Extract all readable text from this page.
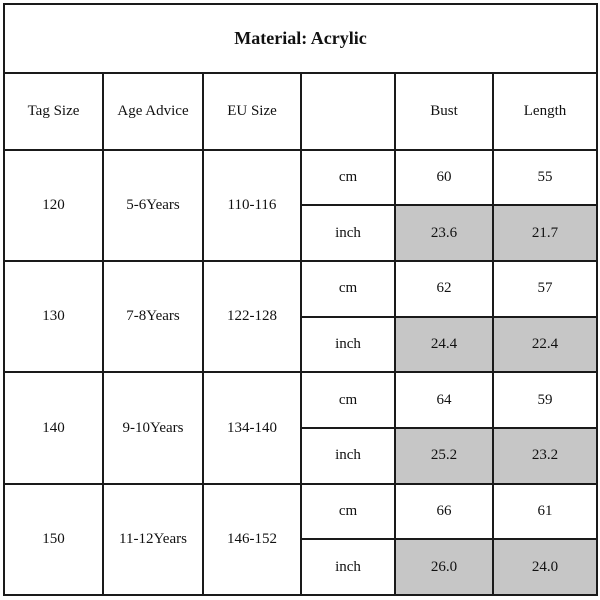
Material: Acrylic					
Tag Size	Age Advice	EU Size		Bust	Length
120	5-6Years	110-116	cm	60	55
			inch	23.6	21.7
130	7-8Years	122-128	cm	62	57
			inch	24.4	22.4
140	9-10Years	134-140	cm	64	59
			inch	25.2	23.2
150	11-12Years	146-152	cm	66	61
			inch	26.0	24.0
